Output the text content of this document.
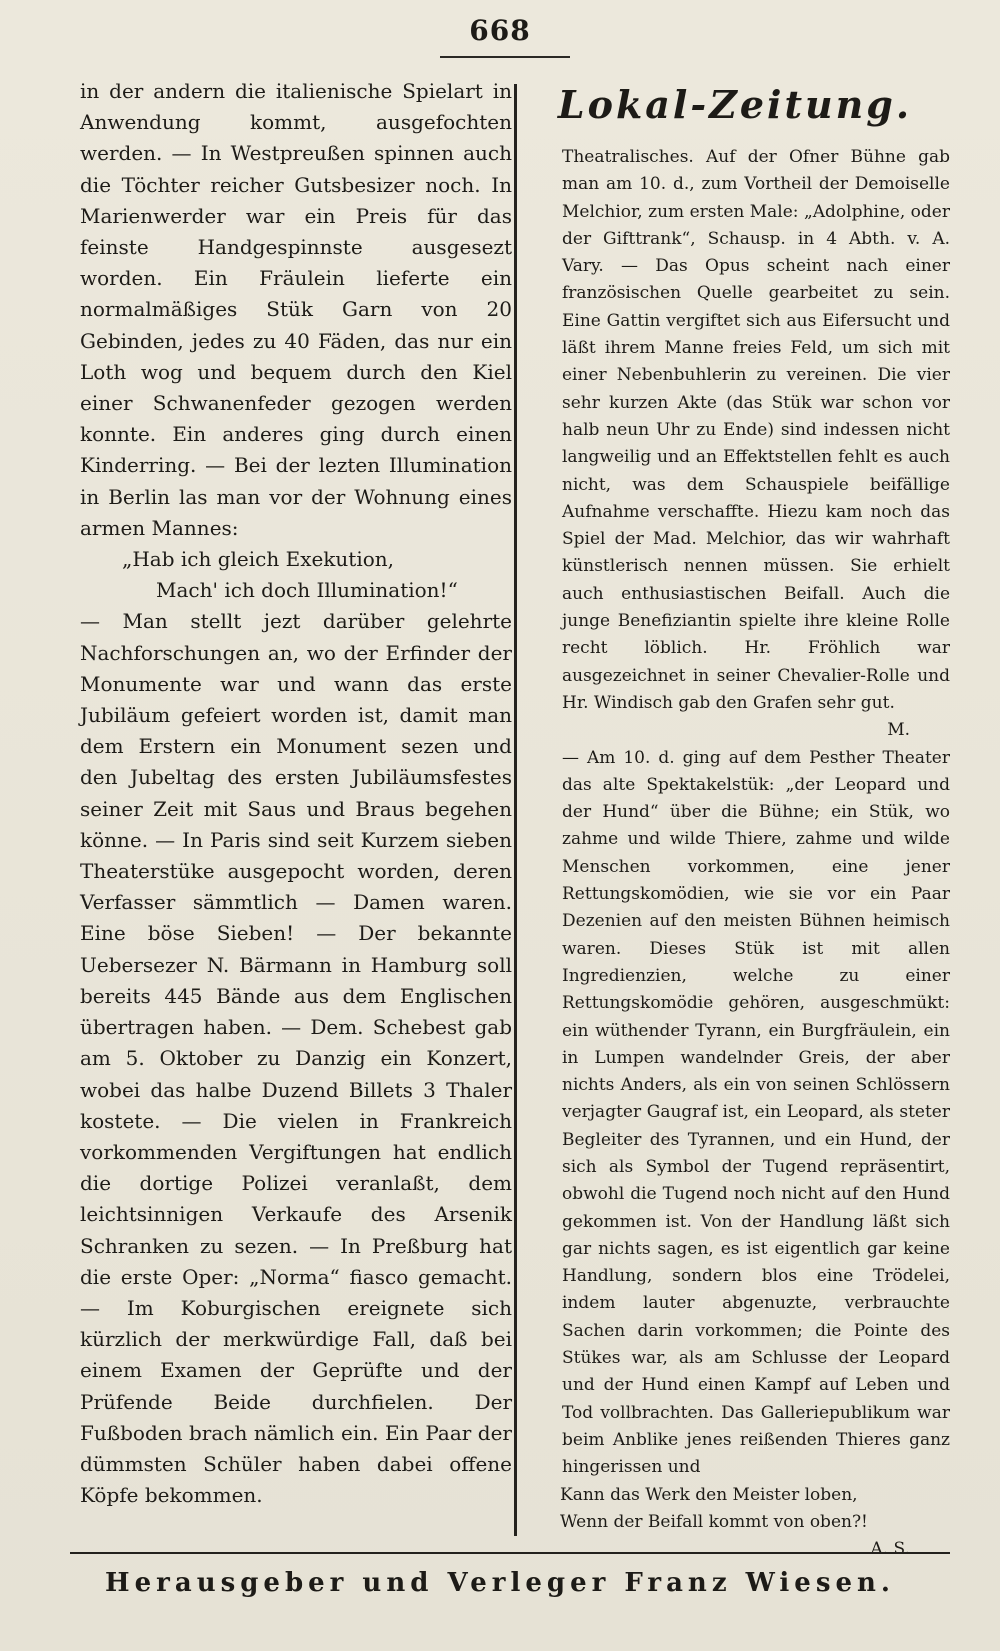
668

in der andern die italienische Spielart in Anwendung kommt, ausgefochten werden. — In Westpreußen spinnen auch die Töchter reicher Gutsbesizer noch. In Marienwerder war ein Preis für das feinste Handgespinnste ausgesezt worden. Ein Fräulein lieferte ein normalmäßiges Stük Garn von 20 Gebinden, jedes zu 40 Fäden, das nur ein Loth wog und bequem durch den Kiel einer Schwanenfeder gezogen werden konnte. Ein anderes ging durch einen Kinderring. — Bei der lezten Illumination in Berlin las man vor der Wohnung eines armen Mannes:

„Hab ich gleich Exekution,

Mach' ich doch Illumination!“

— Man stellt jezt darüber gelehrte Nachforschungen an, wo der Erfinder der Monumente war und wann das erste Jubiläum gefeiert worden ist, damit man dem Erstern ein Monument sezen und den Jubeltag des ersten Jubiläumsfestes seiner Zeit mit Saus und Braus begehen könne. — In Paris sind seit Kurzem sieben Theaterstüke ausgepocht worden, deren Verfasser sämmtlich — Damen waren. Eine böse Sieben! — Der bekannte Uebersezer N. Bärmann in Hamburg soll bereits 445 Bände aus dem Englischen übertragen haben. — Dem. Schebest gab am 5. Oktober zu Danzig ein Konzert, wobei das halbe Duzend Billets 3 Thaler kostete. — Die vielen in Frankreich vorkommenden Vergiftungen hat endlich die dortige Polizei veranlaßt, dem leichtsinnigen Verkaufe des Arsenik Schranken zu sezen. — In Preßburg hat die erste Oper: „Norma“ fiasco gemacht. — Im Koburgischen ereignete sich kürzlich der merkwürdige Fall, daß bei einem Examen der Geprüfte und der Prüfende Beide durchfielen. Der Fußboden brach nämlich ein. Ein Paar der dümmsten Schüler haben dabei offene Köpfe bekommen.

Lokal-Zeitung.

Theatralisches. Auf der Ofner Bühne gab man am 10. d., zum Vortheil der Demoiselle Melchior, zum ersten Male: „Adolphine, oder der Gifttrank“, Schausp. in 4 Abth. v. A. Vary. — Das Opus scheint nach einer französischen Quelle gearbeitet zu sein. Eine Gattin vergiftet sich aus Eifersucht und läßt ihrem Manne freies Feld, um sich mit einer Nebenbuhlerin zu vereinen. Die vier sehr kurzen Akte (das Stük war schon vor halb neun Uhr zu Ende) sind indessen nicht langweilig und an Effektstellen fehlt es auch nicht, was dem Schauspiele beifällige Aufnahme verschaffte. Hiezu kam noch das Spiel der Mad. Melchior, das wir wahrhaft künstlerisch nennen müssen. Sie erhielt auch enthusiastischen Beifall. Auch die junge Benefiziantin spielte ihre kleine Rolle recht löblich. Hr. Fröhlich war ausgezeichnet in seiner Chevalier-Rolle und Hr. Windisch gab den Grafen sehr gut.

M.

— Am 10. d. ging auf dem Pesther Theater das alte Spektakelstük: „der Leopard und der Hund“ über die Bühne; ein Stük, wo zahme und wilde Thiere, zahme und wilde Menschen vorkommen, eine jener Rettungskomödien, wie sie vor ein Paar Dezenien auf den meisten Bühnen heimisch waren. Dieses Stük ist mit allen Ingredienzien, welche zu einer Rettungskomödie gehören, ausgeschmükt: ein wüthender Tyrann, ein Burgfräulein, ein in Lumpen wandelnder Greis, der aber nichts Anders, als ein von seinen Schlössern verjagter Gaugraf ist, ein Leopard, als steter Begleiter des Tyrannen, und ein Hund, der sich als Symbol der Tugend repräsentirt, obwohl die Tugend noch nicht auf den Hund gekommen ist. Von der Handlung läßt sich gar nichts sagen, es ist eigentlich gar keine Handlung, sondern blos eine Trödelei, indem lauter abgenuzte, verbrauchte Sachen darin vorkommen; die Pointe des Stükes war, als am Schlusse der Leopard und der Hund einen Kampf auf Leben und Tod vollbrachten. Das Galleriepublikum war beim Anblike jenes reißenden Thieres ganz hingerissen und

Kann das Werk den Meister loben,

Wenn der Beifall kommt von oben?!

A. S.

Herausgeber und Verleger Franz Wiesen.
